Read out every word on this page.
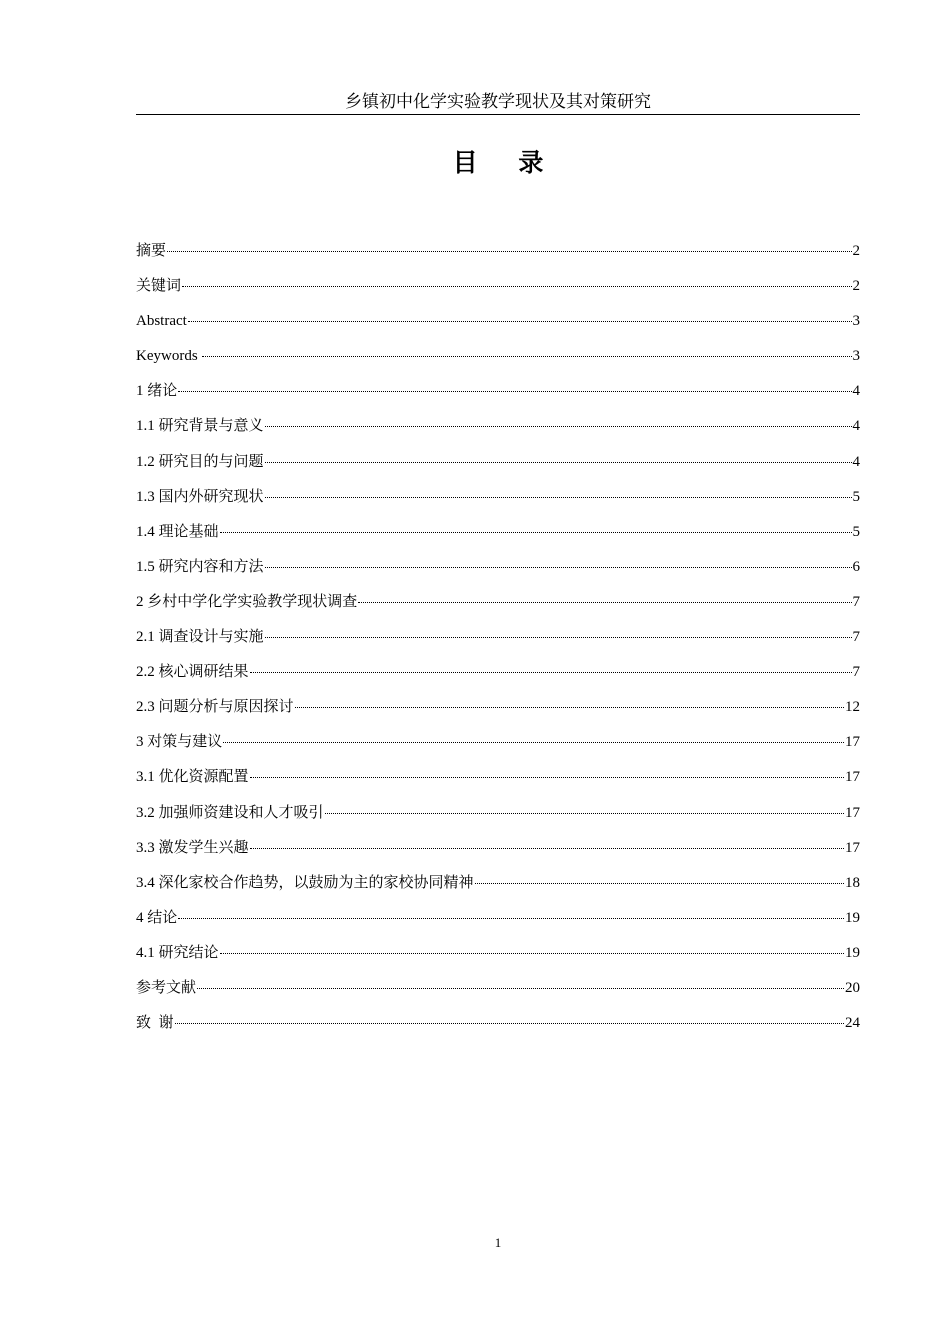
乡镇初中化学实验教学现状及其对策研究
目 录
摘要	2
关键词	2
Abstract	3
Keywords	3
1 绪论	4
1.1 研究背景与意义	4
1.2 研究目的与问题	4
1.3 国内外研究现状	5
1.4 理论基础	5
1.5 研究内容和方法	6
2 乡村中学化学实验教学现状调查	7
2.1 调查设计与实施	7
2.2 核心调研结果	7
2.3 问题分析与原因探讨	12
3 对策与建议	17
3.1 优化资源配置	17
3.2 加强师资建设和人才吸引	17
3.3 激发学生兴趣	17
3.4 深化家校合作趋势，以鼓励为主的家校协同精神	18
4 结论	19
4.1 研究结论	19
参考文献	20
致  谢	24
1
